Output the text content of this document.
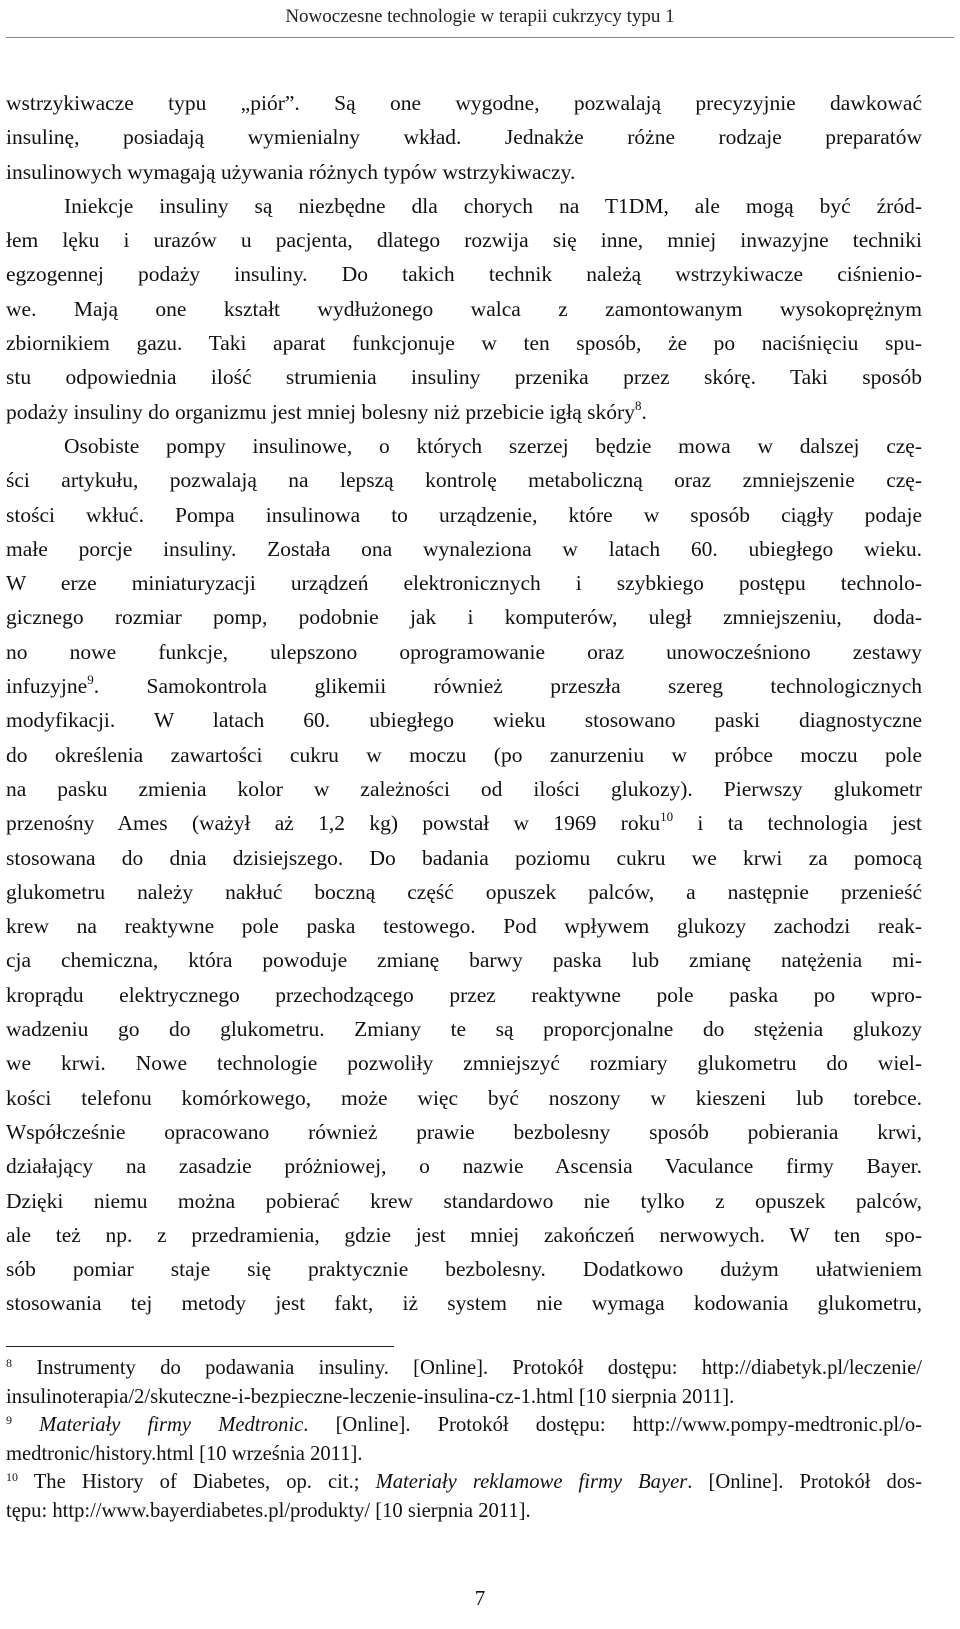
Nowoczesne technologie w terapii cukrzycy typu 1
wstrzykiwacze typu „piór”. Są one wygodne, pozwalają precyzyjnie dawkować
insulinę, posiadają wymienialny wkład. Jednakże różne rodzaje preparatów
insulinowych wymagają używania różnych typów wstrzykiwaczy.
Iniekcje insuliny są niezbędne dla chorych na T1DM, ale mogą być źród-
łem lęku i urazów u pacjenta, dlatego rozwija się inne, mniej inwazyjne techniki
egzogennej podaży insuliny. Do takich technik należą wstrzykiwacze ciśnienio-
we. Mają one kształt wydłużonego walca z zamontowanym wysokoprężnym
zbiornikiem gazu. Taki aparat funkcjonuje w ten sposób, że po naciśnięciu spu-
stu odpowiednia ilość strumienia insuliny przenika przez skórę. Taki sposób
podaży insuliny do organizmu jest mniej bolesny niż przebicie igłą skóry$^8$.
Osobiste pompy insulinowe, o których szerzej będzie mowa w dalszej czę-
ści artykułu, pozwalają na lepszą kontrolę metaboliczną oraz zmniejszenie czę-
stości wkłuć. Pompa insulinowa to urządzenie, które w sposób ciągły podaje
małe porcje insuliny. Została ona wynaleziona w latach 60. ubiegłego wieku.
W erze miniaturyzacji urządzeń elektronicznych i szybkiego postępu technolo-
gicznego rozmiar pomp, podobnie jak i komputerów, uległ zmniejszeniu, doda-
no nowe funkcje, ulepszono oprogramowanie oraz unowocześniono zestawy
infuzyjne$^9$. Samokontrola glikemii również przeszła szereg technologicznych
modyfikacji. W latach 60. ubiegłego wieku stosowano paski diagnostyczne
do określenia zawartości cukru w moczu (po zanurzeniu w próbce moczu pole
na pasku zmienia kolor w zależności od ilości glukozy). Pierwszy glukometr
przenośny Ames (ważył aż 1,2 kg) powstał w 1969 roku$^{10}$ i ta technologia jest
stosowana do dnia dzisiejszego. Do badania poziomu cukru we krwi za pomocą
glukometru należy nakłuć boczną część opuszek palców, a następnie przenieść
krew na reaktywne pole paska testowego. Pod wpływem glukozy zachodzi reak-
cja chemiczna, która powoduje zmianę barwy paska lub zmianę natężenia mi-
kroprądu elektrycznego przechodzącego przez reaktywne pole paska po wpro-
wadzeniu go do glukometru. Zmiany te są proporcjonalne do stężenia glukozy
we krwi. Nowe technologie pozwoliły zmniejszyć rozmiary glukometru do wiel-
kości telefonu komórkowego, może więc być noszony w kieszeni lub torebce.
Współcześnie opracowano również prawie bezbolesny sposób pobierania krwi,
działający na zasadzie próżniowej, o nazwie Ascensia Vaculance firmy Bayer.
Dzięki niemu można pobierać krew standardowo nie tylko z opuszek palców,
ale też np. z przedramienia, gdzie jest mniej zakończeń nerwowych. W ten spo-
sób pomiar staje się praktycznie bezbolesny. Dodatkowo dużym ułatwieniem
stosowania tej metody jest fakt, iż system nie wymaga kodowania glukometru,
$^8$ Instrumenty do podawania insuliny. [Online]. Protokół dostępu: http://diabetyk.pl/leczenie/
insulinoterapia/2/skuteczne-i-bezpieczne-leczenie-insulina-cz-1.html [10 sierpnia 2011].
$^9$ Materiały firmy Medtronic. [Online]. Protokół dostępu: http://www.pompy-medtronic.pl/o-
medtronic/history.html [10 września 2011].
$^{10}$ The History of Diabetes, op. cit.; Materiały reklamowe firmy Bayer. [Online]. Protokół dos-
tępu: http://www.bayerdiabetes.pl/produkty/ [10 sierpnia 2011].
7
